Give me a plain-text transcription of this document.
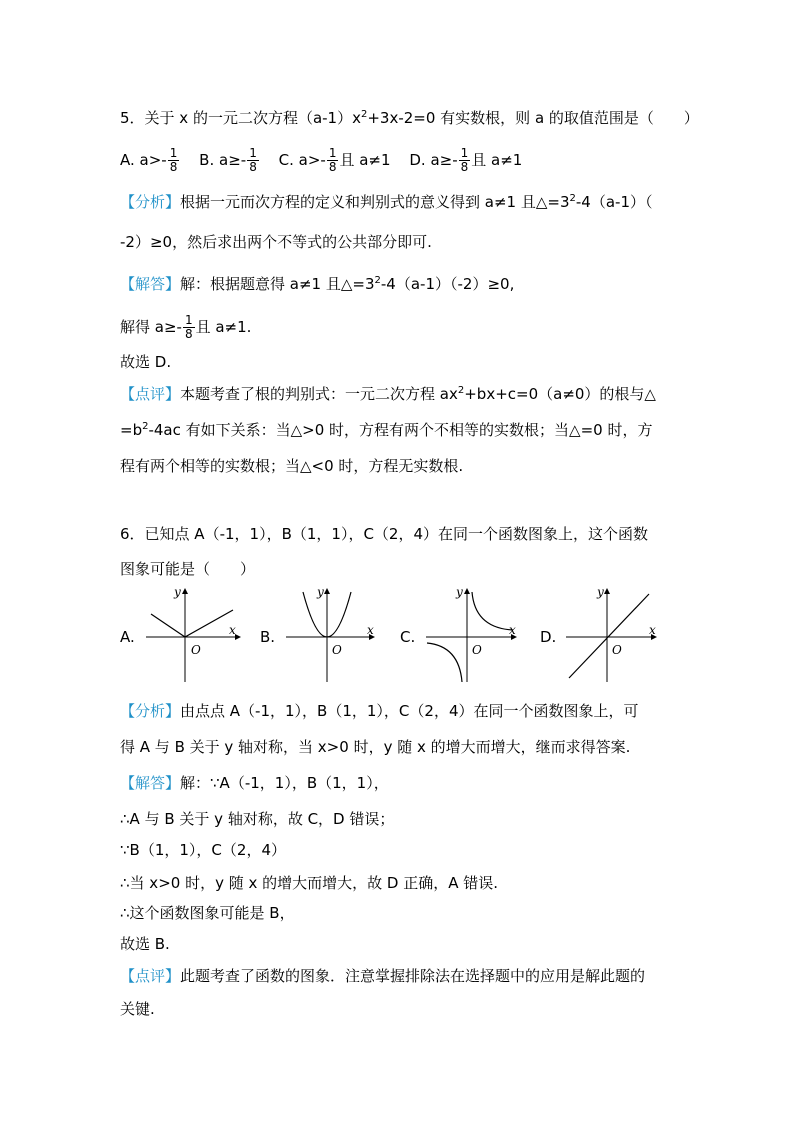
5．关于 x 的一元二次方程$(a-1)x^2+3x-2=0$ 有实数根，则 a 的取值范围是（　　）
A. $a>- \frac{1}{8} B$. $a\ge- \frac{1}{8} C$. $a>- \frac{1}{8}$ 且 a≠1 D. $a\ge- \frac{1}{8}$ 且 a≠1
【分析】根据一元而次方程的定义和判别式的意义得到 a≠1 且$\triangle=3^2-4(a-1)$（
-2）≥0，然后求出两个不等式的公共部分即可.
【解答】解：根据题意得 a≠1 且$\triangle=3^2-4(a-1)(-2)\ge 0$,
解得 $a\ge- \frac{1}{8}$ 且 a≠1.
故选 D.
【点评】本题考查了根的判别式：一元二次方程 $ax^2+bx+c=0(a\ne 0)$的根与△
$=b^2-4ac$ 有如下关系：当△>0 时，方程有两个不相等的实数根；当△=0 时，方
程有两个相等的实数根；当△<0 时，方程无实数根.
6．已知点 A（-1，1），B（1，1），C（2，4）在同一个函数图象上，这个函数
图象可能是（　　）
A.	x
y
O
B.	x
y
O
C.	x
y
O
D.	x
y
O
【分析】由点点 A（-1，1），B（1，1），C（2，4）在同一个函数图象上，可
得 A 与 B 关于 y 轴对称，当 x>0 时，y 随 x 的增大而增大，继而求得答案.
【解答】解：∵A（-1，1），B（1，1），
∴A 与 B 关于 y 轴对称，故 C，D 错误；
∵B（1，1），C（2，4）
∴当 x>0 时，y 随 x 的增大而增大，故 D 正确，A 错误.
∴这个函数图象可能是 B，
故选 B.
【点评】此题考查了函数的图象．注意掌握排除法在选择题中的应用是解此题的
关键.
